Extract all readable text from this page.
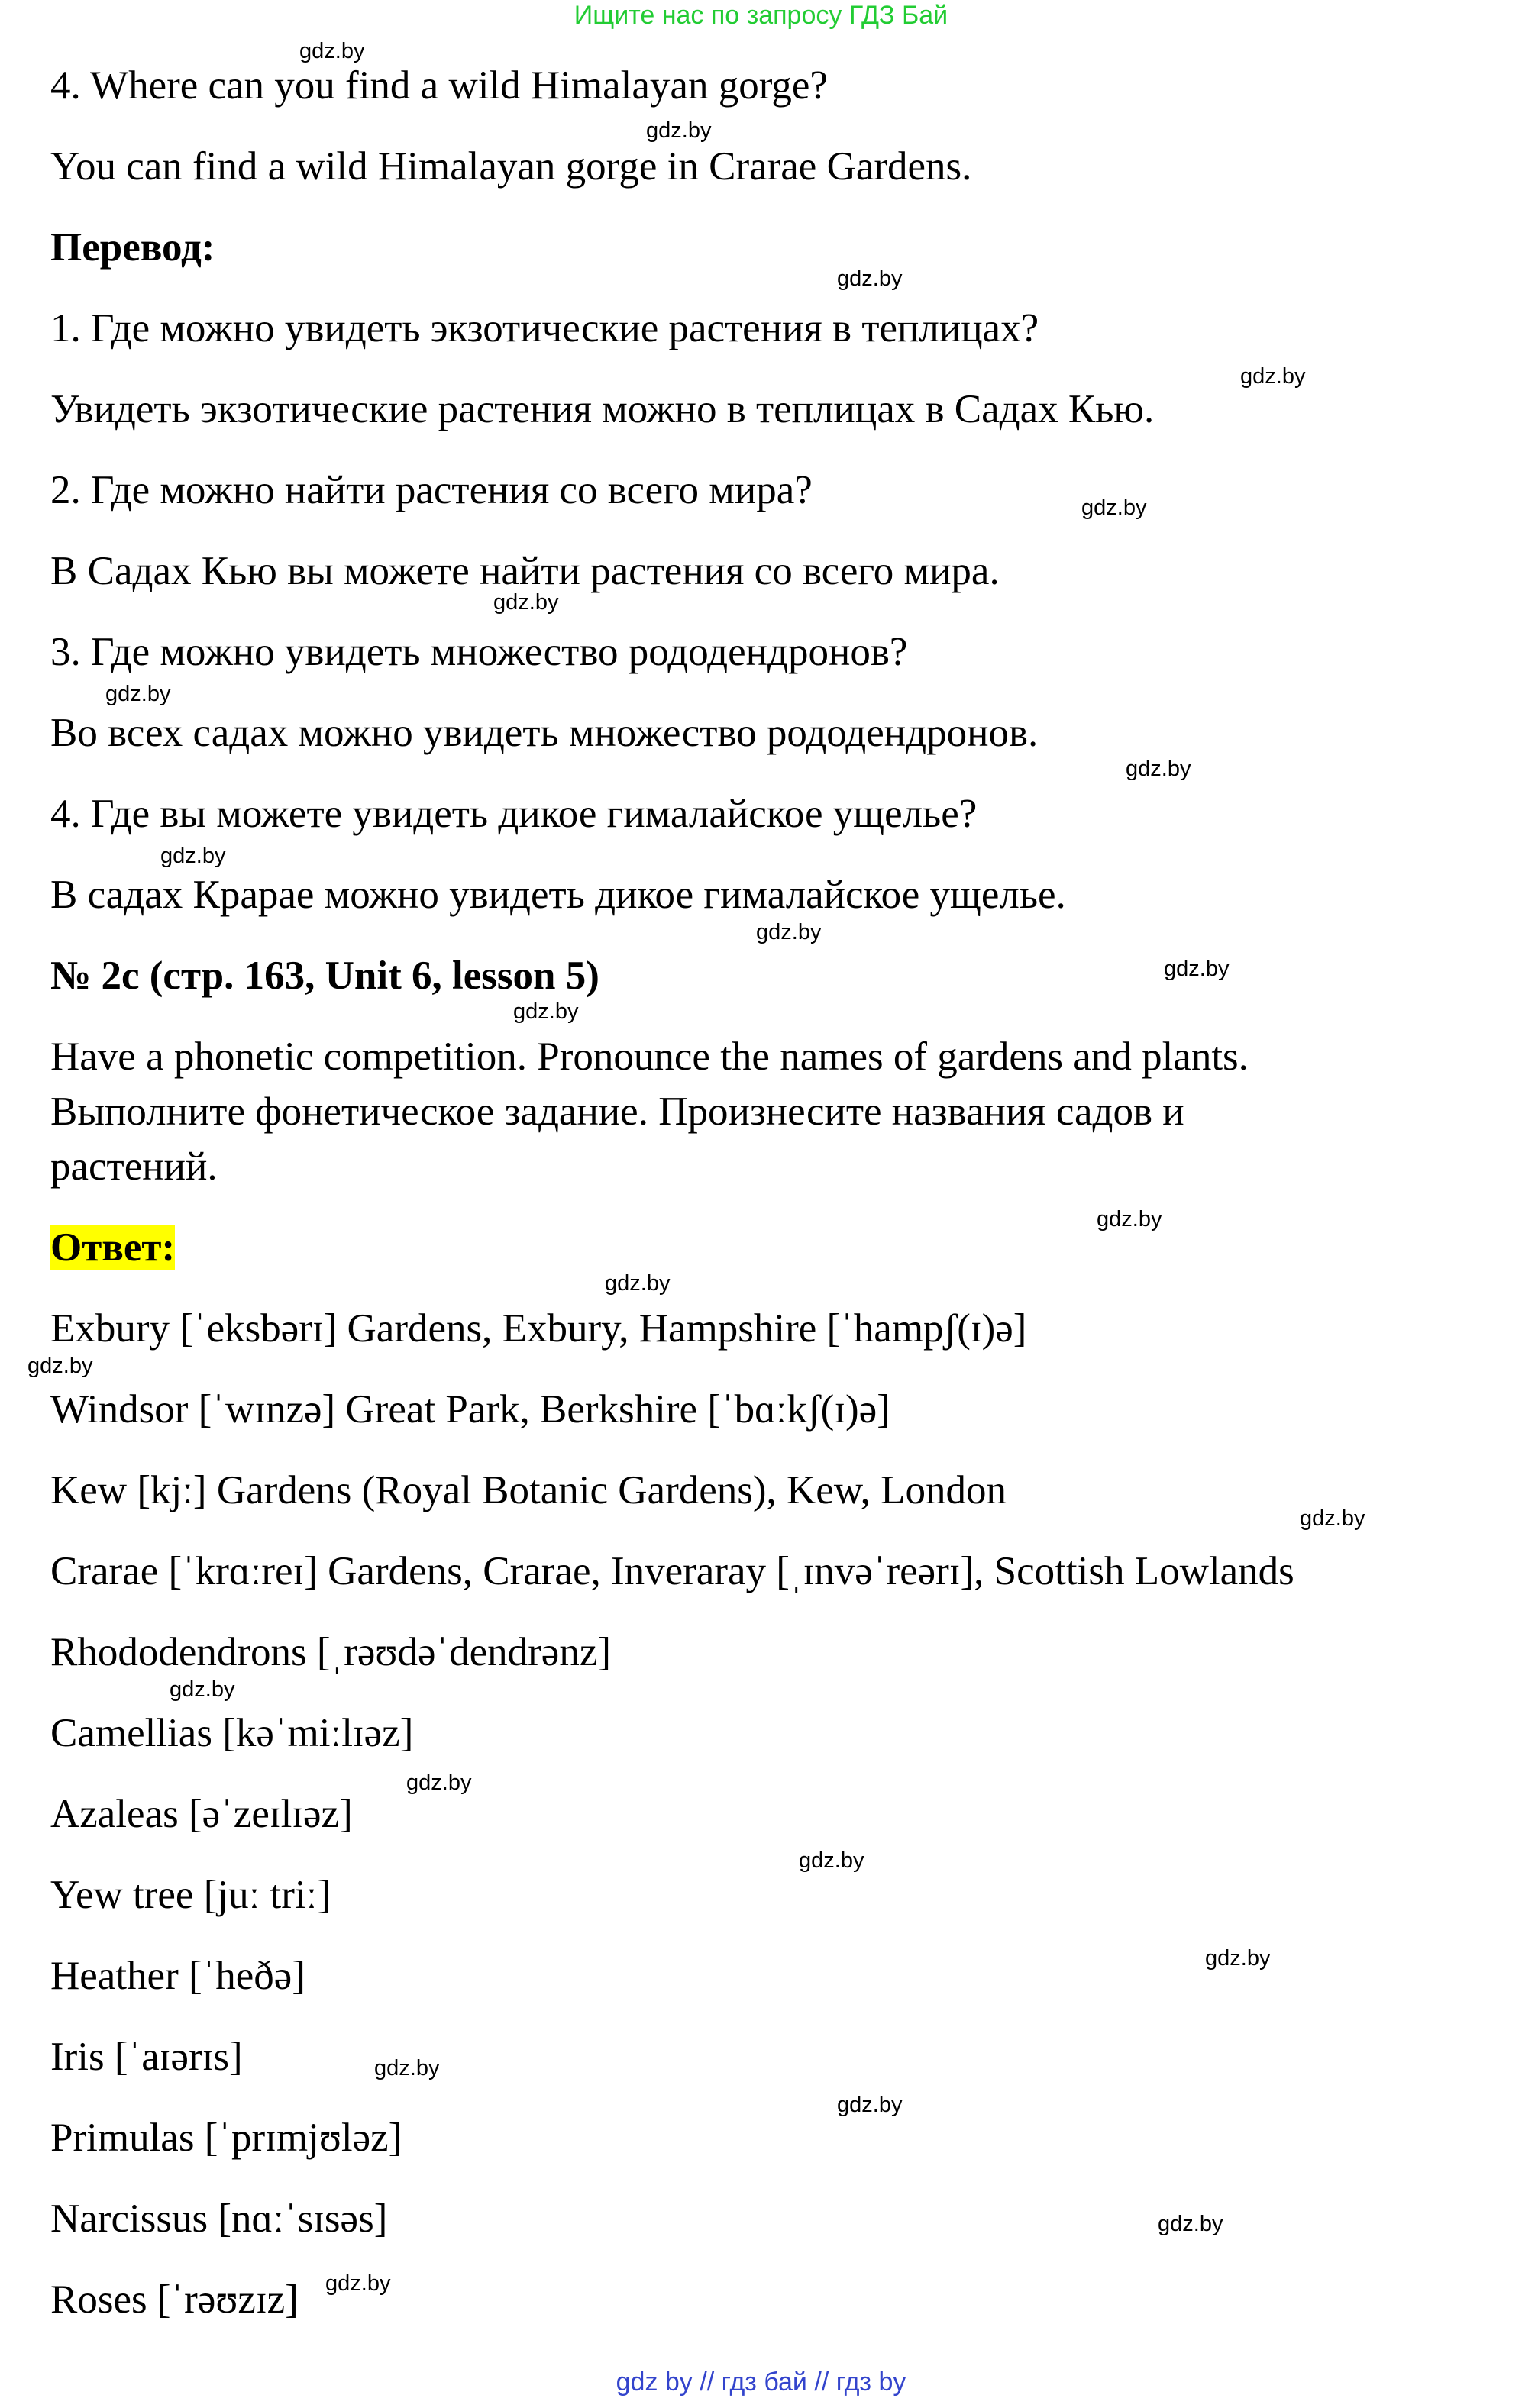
Ищите нас по запросу ГДЗ Бай
4. Where can you find a wild Himalayan gorge?
You can find a wild Himalayan gorge in Crarae Gardens.
Перевод:
1. Где можно увидеть экзотические растения в теплицах?
Увидеть экзотические растения можно в теплицах в Садах Кью.
2. Где можно найти растения со всего мира?
В Садах Кью вы можете найти растения со всего мира.
3. Где можно увидеть множество рододендронов?
Во всех садах можно увидеть множество рододендронов.
4. Где вы можете увидеть дикое гималайское ущелье?
В садах Крарае можно увидеть дикое гималайское ущелье.
№ 2c (стр. 163, Unit 6, lesson 5)
Have a phonetic competition. Pronounce the names of gardens and plants.
Выполните фонетическое задание. Произнесите названия садов и
растений.
Ответ:
Exbury [ˈeksbərɪ] Gardens, Exbury, Hampshire [ˈhampʃ(ɪ)ə]
Windsor [ˈwɪnzə] Great Park, Berkshire [ˈbɑːkʃ(ɪ)ə]
Kew [kjː] Gardens (Royal Botanic Gardens), Kew, London
Crarae [ˈkrɑːreɪ] Gardens, Crarae, Inveraray [ˌɪnvəˈreərɪ], Scottish Lowlands
Rhododendrons [ˌrəʊdəˈdendrənz]
Camellias [kəˈmiːlɪəz]
Azaleas [əˈzeɪlɪəz]
Yew tree [juː triː]
Heather [ˈheðə]
Iris [ˈaɪərɪs]
Primulas [ˈprɪmjʊləz]
Narcissus [nɑːˈsɪsəs]
Roses [ˈrəʊzɪz]
gdz.by
gdz.by
gdz.by
gdz.by
gdz.by
gdz.by
gdz.by
gdz.by
gdz.by
gdz.by
gdz.by
gdz.by
gdz.by
gdz.by
gdz.by
gdz.by
gdz.by
gdz.by
gdz.by
gdz.by
gdz.by
gdz.by
gdz.by
gdz.by
gdz by // гдз бай // гдз by
